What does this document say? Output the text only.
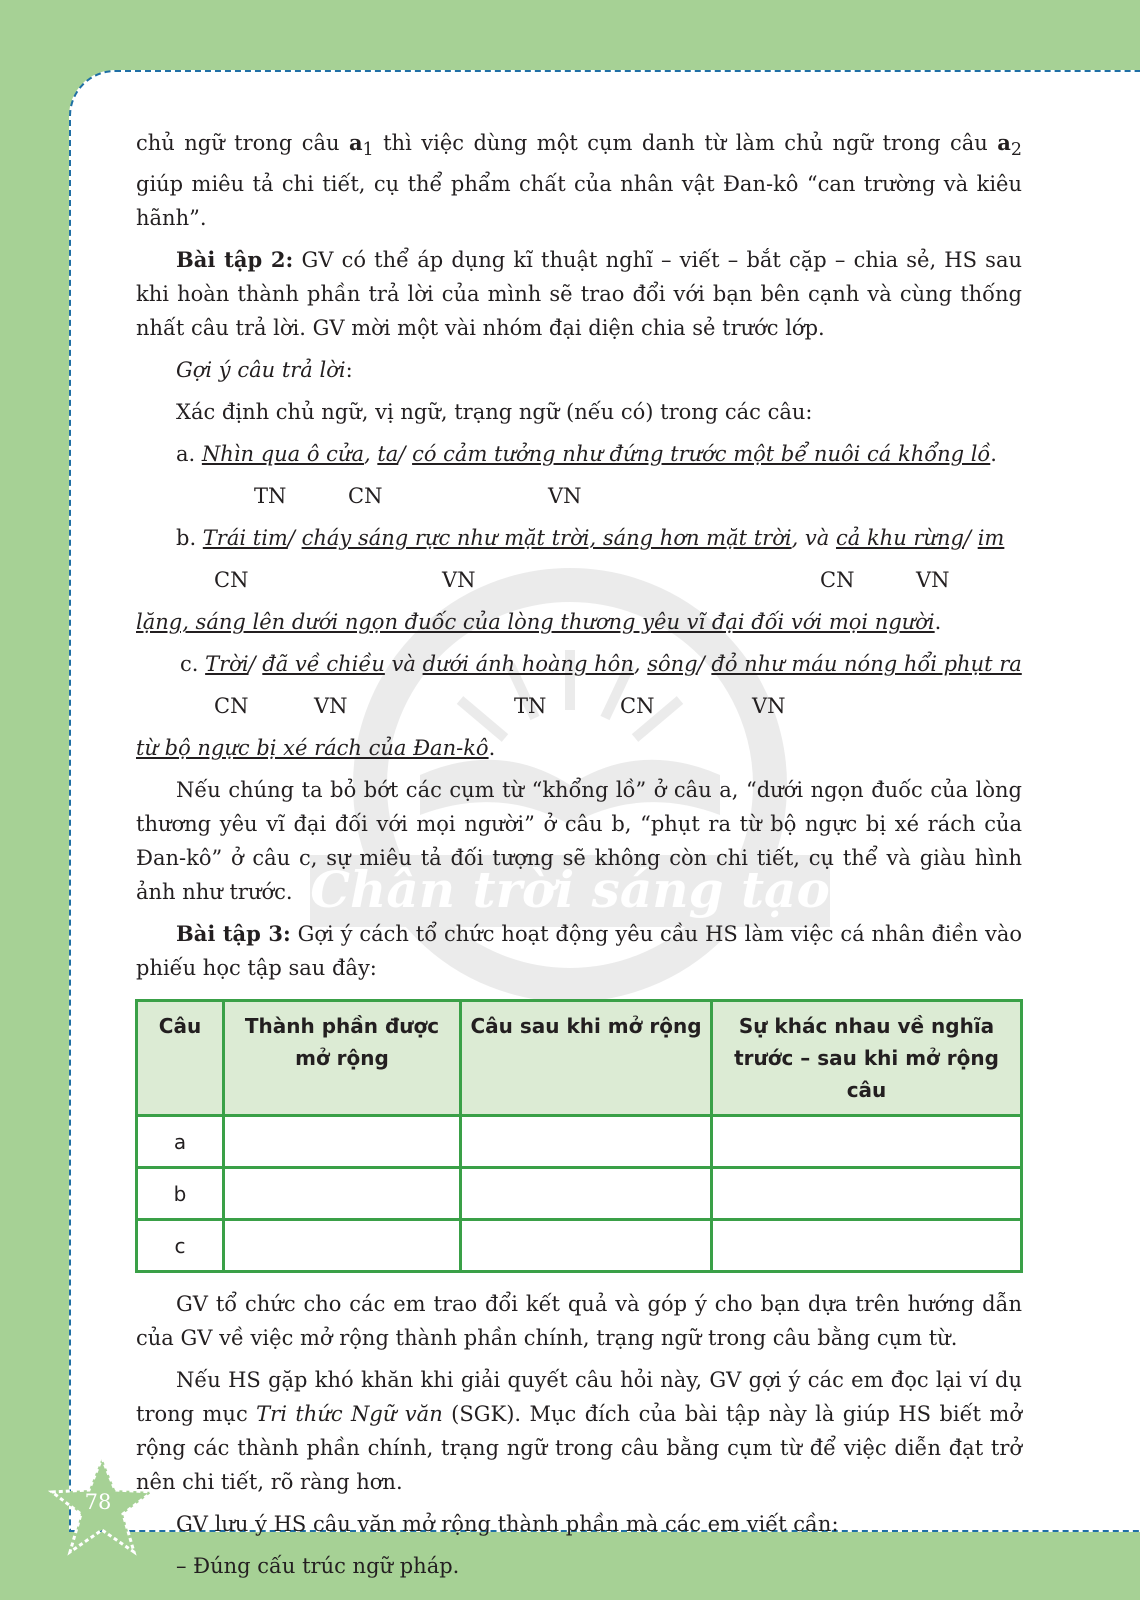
Chân trời sáng tạo

chủ ngữ trong câu $a_1$ thì việc dùng một cụm danh từ làm chủ ngữ trong câu $a_2$ giúp miêu tả chi tiết, cụ thể phẩm chất của nhân vật Đan-kô “can trường và kiêu hãnh”.

Bài tập 2: GV có thể áp dụng kĩ thuật nghĩ – viết – bắt cặp – chia sẻ, HS sau khi hoàn thành phần trả lời của mình sẽ trao đổi với bạn bên cạnh và cùng thống nhất câu trả lời. GV mời một vài nhóm đại diện chia sẻ trước lớp.

Gợi ý câu trả lời:

Xác định chủ ngữ, vị ngữ, trạng ngữ (nếu có) trong các câu:

a. Nhìn qua ô cửa, ta/ có cảm tưởng như đứng trước một bể nuôi cá khổng lồ.
TN	CN	VN
b. Trái tim/ cháy sáng rực như mặt trời, sáng hơn mặt trời, và cả khu rừng/ im
CN	VN	CN	VN
lặng, sáng lên dưới ngọn đuốc của lòng thương yêu vĩ đại đối với mọi người.
c. Trời/ đã về chiều và dưới ánh hoàng hôn, sông/ đỏ như máu nóng hổi phụt ra
CN	VN	TN	CN	VN
từ bộ ngực bị xé rách của Đan-kô.

Nếu chúng ta bỏ bớt các cụm từ “khổng lồ” ở câu a, “dưới ngọn đuốc của lòng thương yêu vĩ đại đối với mọi người” ở câu b, “phụt ra từ bộ ngực bị xé rách của Đan-kô” ở câu c, sự miêu tả đối tượng sẽ không còn chi tiết, cụ thể và giàu hình ảnh như trước.

Bài tập 3: Gợi ý cách tổ chức hoạt động yêu cầu HS làm việc cá nhân điền vào phiếu học tập sau đây:

Câu	Thành phần được mở rộng	Câu sau khi mở rộng	Sự khác nhau về nghĩa trước – sau khi mở rộng câu
a			
b			
c			

GV tổ chức cho các em trao đổi kết quả và góp ý cho bạn dựa trên hướng dẫn của GV về việc mở rộng thành phần chính, trạng ngữ trong câu bằng cụm từ.

Nếu HS gặp khó khăn khi giải quyết câu hỏi này, GV gợi ý các em đọc lại ví dụ trong mục Tri thức Ngữ văn (SGK). Mục đích của bài tập này là giúp HS biết mở rộng các thành phần chính, trạng ngữ trong câu bằng cụm từ để việc diễn đạt trở nên chi tiết, rõ ràng hơn.

GV lưu ý HS câu văn mở rộng thành phần mà các em viết cần:

– Đúng cấu trúc ngữ pháp.

78
